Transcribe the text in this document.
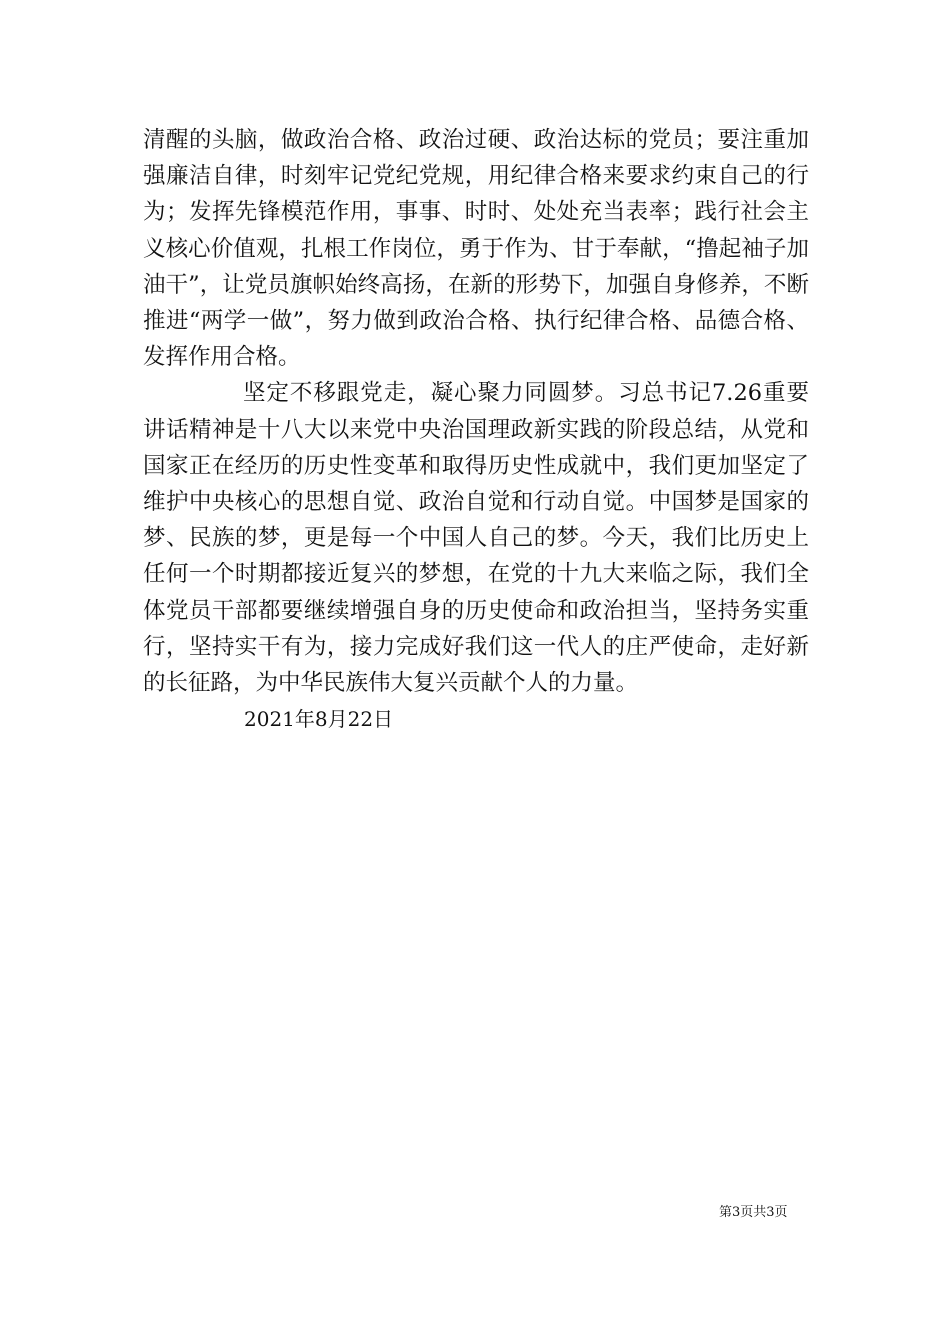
清醒的头脑，做政治合格、政治过硬、政治达标的党员；要注重加强廉洁自律，时刻牢记党纪党规，用纪律合格来要求约束自己的行为；发挥先锋模范作用，事事、时时、处处充当表率；践行社会主义核心价值观，扎根工作岗位，勇于作为、甘于奉献，“撸起袖子加油干”，让党员旗帜始终高扬，在新的形势下，加强自身修养，不断推进“两学一做”，努力做到政治合格、执行纪律合格、品德合格、发挥作用合格。

坚定不移跟党走，凝心聚力同圆梦。习总书记7.26重要讲话精神是十八大以来党中央治国理政新实践的阶段总结，从党和国家正在经历的历史性变革和取得历史性成就中，我们更加坚定了维护中央核心的思想自觉、政治自觉和行动自觉。中国梦是国家的梦、民族的梦，更是每一个中国人自己的梦。今天，我们比历史上任何一个时期都接近复兴的梦想，在党的十九大来临之际，我们全体党员干部都要继续增强自身的历史使命和政治担当，坚持务实重行，坚持实干有为，接力完成好我们这一代人的庄严使命，走好新的长征路，为中华民族伟大复兴贡献个人的力量。

2021年8月22日

第3页共3页
